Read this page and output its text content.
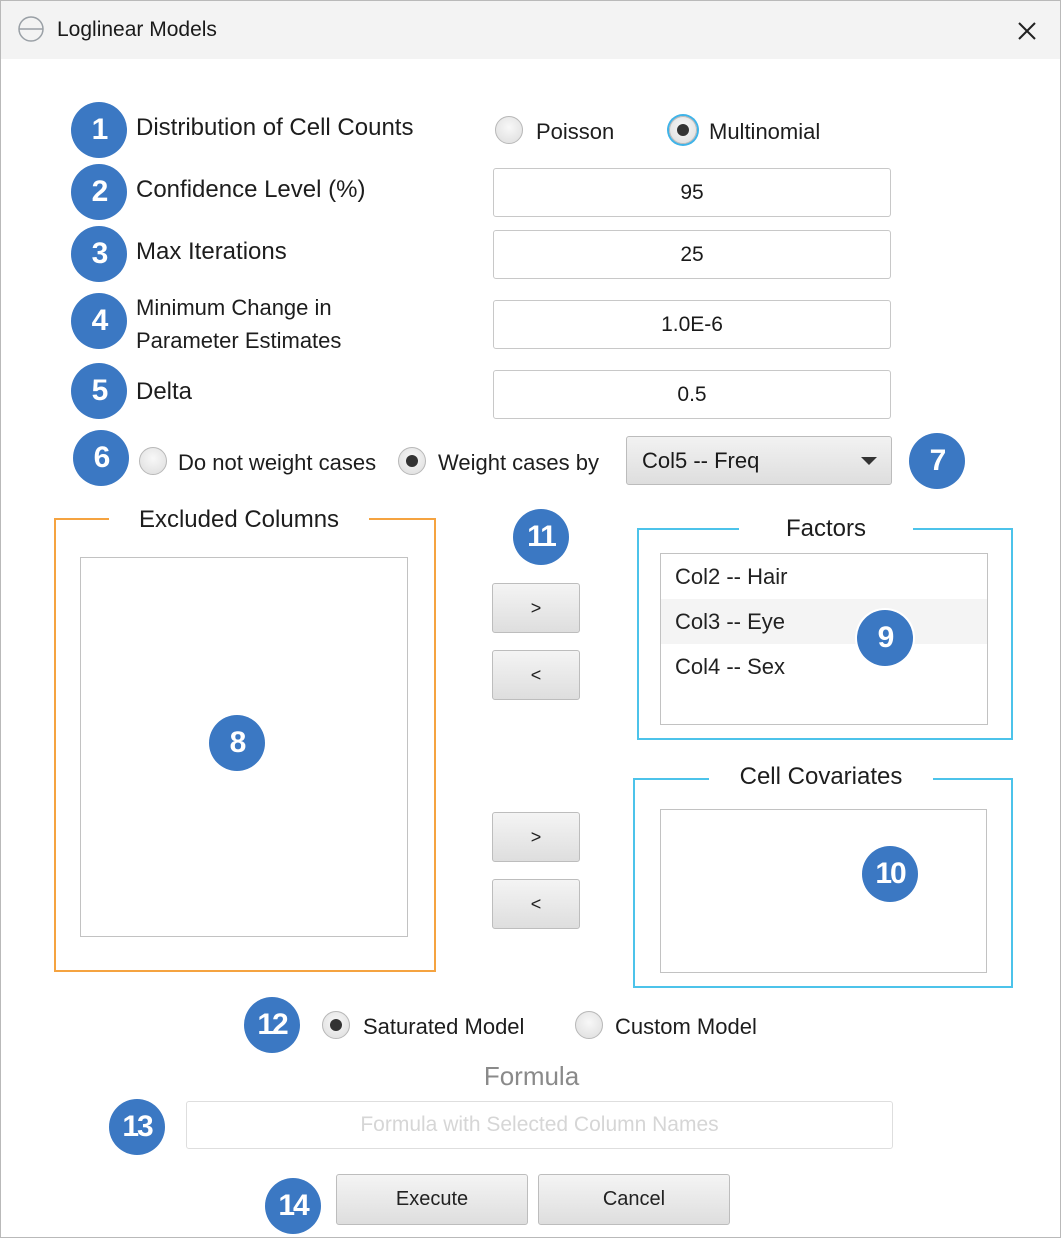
Loglinear Models
1	Distribution of Cell Counts	Poisson	Multinomial
2	Confidence Level (%)	95
3	Max Iterations	25
4	Minimum Change in
Parameter Estimates
1.0E-6
5	Delta	0.5
6	Do not weight cases	Weight cases by	Col5 -- Freq	7
Excluded Columns
8
11
>
<
>
<
Factors
Col2 -- Hair
Col3 -- Eye
Col4 -- Sex
9
Cell Covariates
10
12	Saturated Model	Custom Model
Formula
13	Formula with Selected Column Names
14	Execute	Cancel
